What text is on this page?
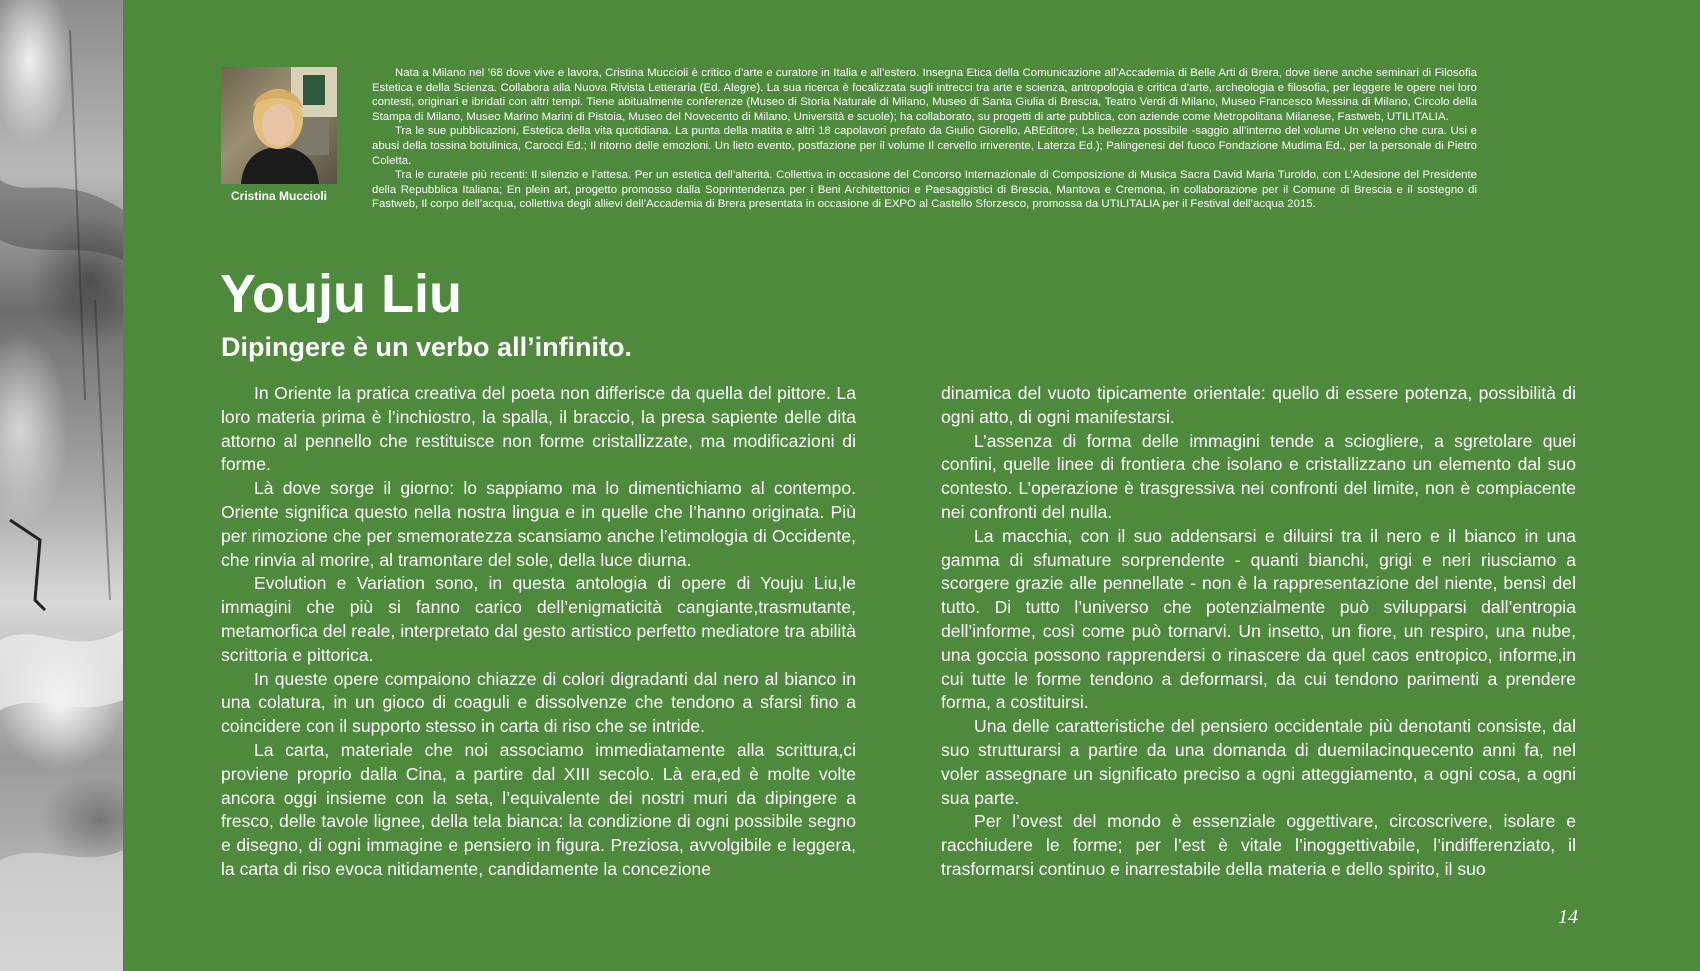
Cristina Muccioli

Nata a Milano nel ’68 dove vive e lavora, Cristina Muccioli è critico d’arte e curatore in Italia e all’estero. Insegna Etica della Comunicazione all’Accademia di Belle Arti di Brera, dove tiene anche seminari di Filosofia Estetica e della Scienza. Collabora alla Nuova Rivista Letteraria (Ed. Alegre). La sua ricerca è focalizzata sugli intrecci tra arte e scienza, antropologia e critica d’arte, archeologia e filosofia, per leggere le opere nei loro contesti, originari e ibridati con altri tempi. Tiene abitualmente conferenze (Museo di Storia Naturale di Milano, Museo di Santa Giulia di Brescia, Teatro Verdi di Milano, Museo Francesco Messina di Milano, Circolo della Stampa di Milano, Museo Marino Marini di Pistoia, Museo del Novecento di Milano, Università e scuole); ha collaborato, su progetti di arte pubblica, con aziende come Metropolitana Milanese, Fastweb, UTILITALIA.

Tra le sue pubblicazioni, Estetica della vita quotidiana. La punta della matita e altri 18 capolavori prefato da Giulio Giorello, ABEditore; La bellezza possibile -saggio all’interno del volume Un veleno che cura. Usi e abusi della tossina botulinica, Carocci Ed.; Il ritorno delle emozioni. Un lieto evento, postfazione per il volume Il cervello irriverente, Laterza Ed.); Palingenesi del fuoco Fondazione Mudima Ed., per la personale di Pietro Coletta.

Tra le curatele più recenti: Il silenzio e l’attesa. Per un estetica dell’alterità. Collettiva in occasione del Concorso Internazionale di Composizione di Musica Sacra David Maria Turoldo, con L’Adesione del Presidente della Repubblica Italiana; En plein art, progetto promosso dalla Soprintendenza per i Beni Architettonici e Paesaggistici di Brescia, Mantova e Cremona, in collaborazione per il Comune di Brescia e il sostegno di Fastweb, Il corpo dell’acqua, collettiva degli allievi dell’Accademia di Brera presentata in occasione di EXPO al Castello Sforzesco, promossa da UTILITALIA per il Festival dell’acqua 2015.

Youju Liu
Dipingere è un verbo all’infinito.

In Oriente la pratica creativa del poeta non differisce da quella del pittore. La loro materia prima è l’inchiostro, la spalla, il braccio, la presa sapiente delle dita attorno al pennello che restituisce non forme cristallizzate, ma modificazioni di forme.

Là dove sorge il giorno: lo sappiamo ma lo dimentichiamo al contempo. Oriente significa questo nella nostra lingua e in quelle che l’hanno originata. Più per rimozione che per smemoratezza scansiamo anche l’etimologia di Occidente, che rinvia al morire, al tramontare del sole, della luce diurna.

Evolution e Variation sono, in questa antologia di opere di Youju Liu,le immagini che più si fanno carico dell’enigmaticità cangiante,trasmutante, metamorfica del reale, interpretato dal gesto artistico perfetto mediatore tra abilità scrittoria e pittorica.

In queste opere compaiono chiazze di colori digradanti dal nero al bianco in una colatura, in un gioco di coaguli e dissolvenze che tendono a sfarsi fino a coincidere con il supporto stesso in carta di riso che se intride.

La carta, materiale che noi associamo immediatamente alla scrittura,ci proviene proprio dalla Cina, a partire dal XIII secolo. Là era,ed è molte volte ancora oggi insieme con la seta, l’equivalente dei nostri muri da dipingere a fresco, delle tavole lignee, della tela bianca: la condizione di ogni possibile segno e disegno, di ogni immagine e pensiero in figura. Preziosa, avvolgibile e leggera, la carta di riso evoca nitidamente, candidamente la concezione

dinamica del vuoto tipicamente orientale: quello di essere potenza, possibilità di ogni atto, di ogni manifestarsi.

L’assenza di forma delle immagini tende a sciogliere, a sgretolare quei confini, quelle linee di frontiera che isolano e cristallizzano un elemento dal suo contesto. L’operazione è trasgressiva nei confronti del limite, non è compiacente nei confronti del nulla.

La macchia, con il suo addensarsi e diluirsi tra il nero e il bianco in una gamma di sfumature sorprendente - quanti bianchi, grigi e neri riusciamo a scorgere grazie alle pennellate - non è la rappresentazione del niente, bensì del tutto. Di tutto l’universo che potenzialmente può svilupparsi dall’entropia dell’informe, così come può tornarvi. Un insetto, un fiore, un respiro, una nube, una goccia possono rapprendersi o rinascere da quel caos entropico, informe,in cui tutte le forme tendono a deformarsi, da cui tendono parimenti a prendere forma, a costituirsi.

Una delle caratteristiche del pensiero occidentale più denotanti consiste, dal suo strutturarsi a partire da una domanda di duemilacinquecento anni fa, nel voler assegnare un significato preciso a ogni atteggiamento, a ogni cosa, a ogni sua parte.

Per l’ovest del mondo è essenziale oggettivare, circoscrivere, isolare e racchiudere le forme; per l’est è vitale l’inoggettivabile, l’indifferenziato, il trasformarsi continuo e inarrestabile della materia e dello spirito, il suo

14
